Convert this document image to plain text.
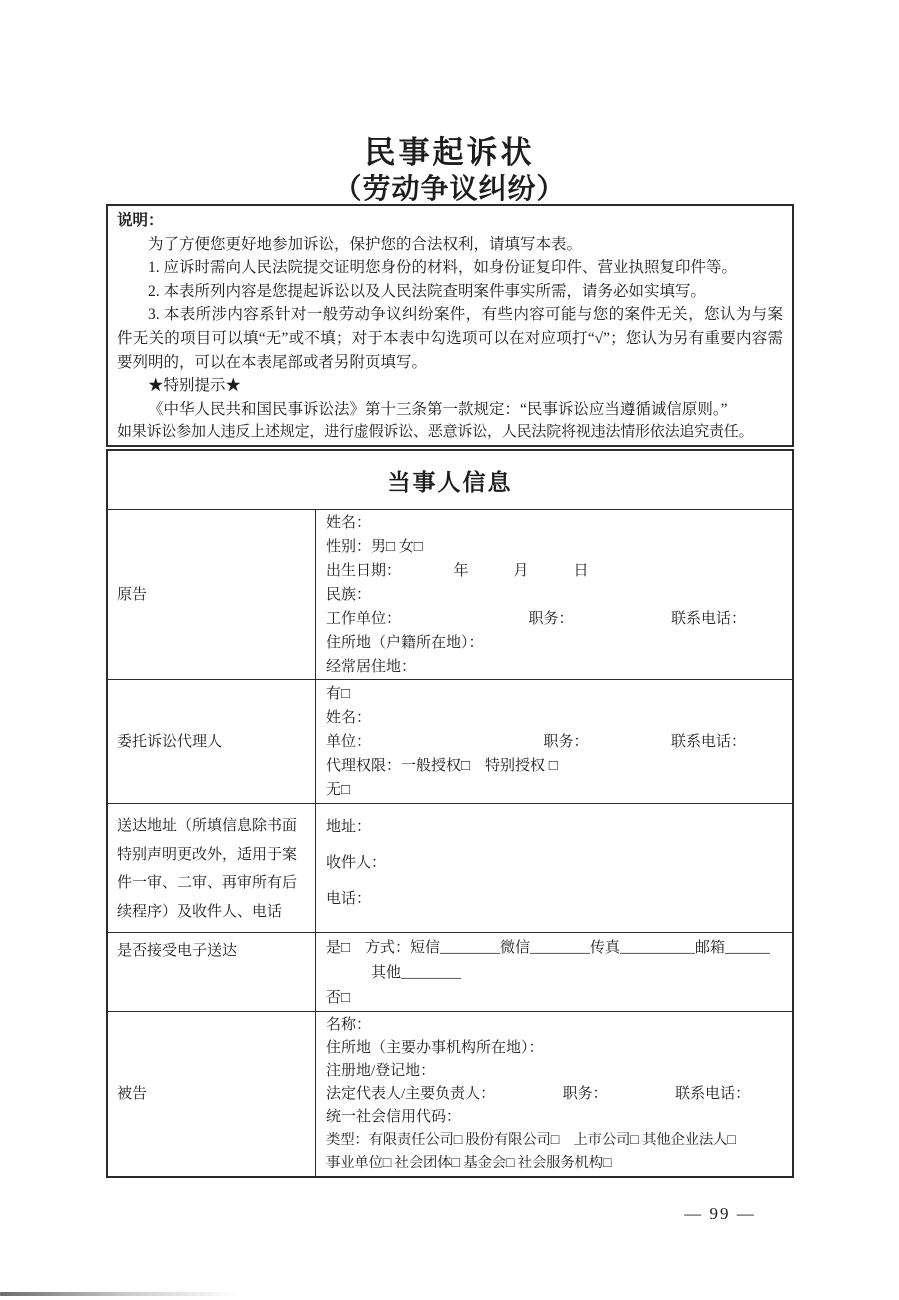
民事起诉状
（劳动争议纠纷）

说明：

为了方便您更好地参加诉讼，保护您的合法权利，请填写本表。

1. 应诉时需向人民法院提交证明您身份的材料，如身份证复印件、营业执照复印件等。

2. 本表所列内容是您提起诉讼以及人民法院查明案件事实所需，请务必如实填写。

3. 本表所涉内容系针对一般劳动争议纠纷案件，有些内容可能与您的案件无关，您认为与案件无关的项目可以填“无”或不填；对于本表中勾选项可以在对应项打“√”；您认为另有重要内容需要列明的，可以在本表尾部或者另附页填写。

★特别提示★

《中华人民共和国民事诉讼法》第十三条第一款规定：“民事诉讼应当遵循诚信原则。”

如果诉讼参加人违反上述规定，进行虚假诉讼、恶意诉讼，人民法院将视违法情形依法追究责任。

当事人信息
原告
姓名：
性别：男□ 女□
出生日期：　　　　年　　　月　　　日
民族：
工作单位：　　　　　　　　　职务：　　　　　　　联系电话：
住所地（户籍所在地）：
经常居住地：
委托诉讼代理人
有□
姓名：
单位：　　　　　　　　　　　　职务：　　　　　　联系电话：
代理权限：一般授权□　特别授权 □
无□
送达地址（所填信息除书面特别声明更改外，适用于案件一审、二审、再审所有后续程序）及收件人、电话
地址：
收件人：
电话：
是否接受电子送达	是□　方式：短信________微信________传真__________邮箱______
　　　其他________
否□
被告
名称：
住所地（主要办事机构所在地）：
注册地/登记地：
法定代表人/主要负责人：　　　　　职务：　　　　　联系电话：
统一社会信用代码：
类型：有限责任公司□ 股份有限公司□　上市公司□ 其他企业法人□
事业单位□ 社会团体□ 基金会□ 社会服务机构□
— 99 —
